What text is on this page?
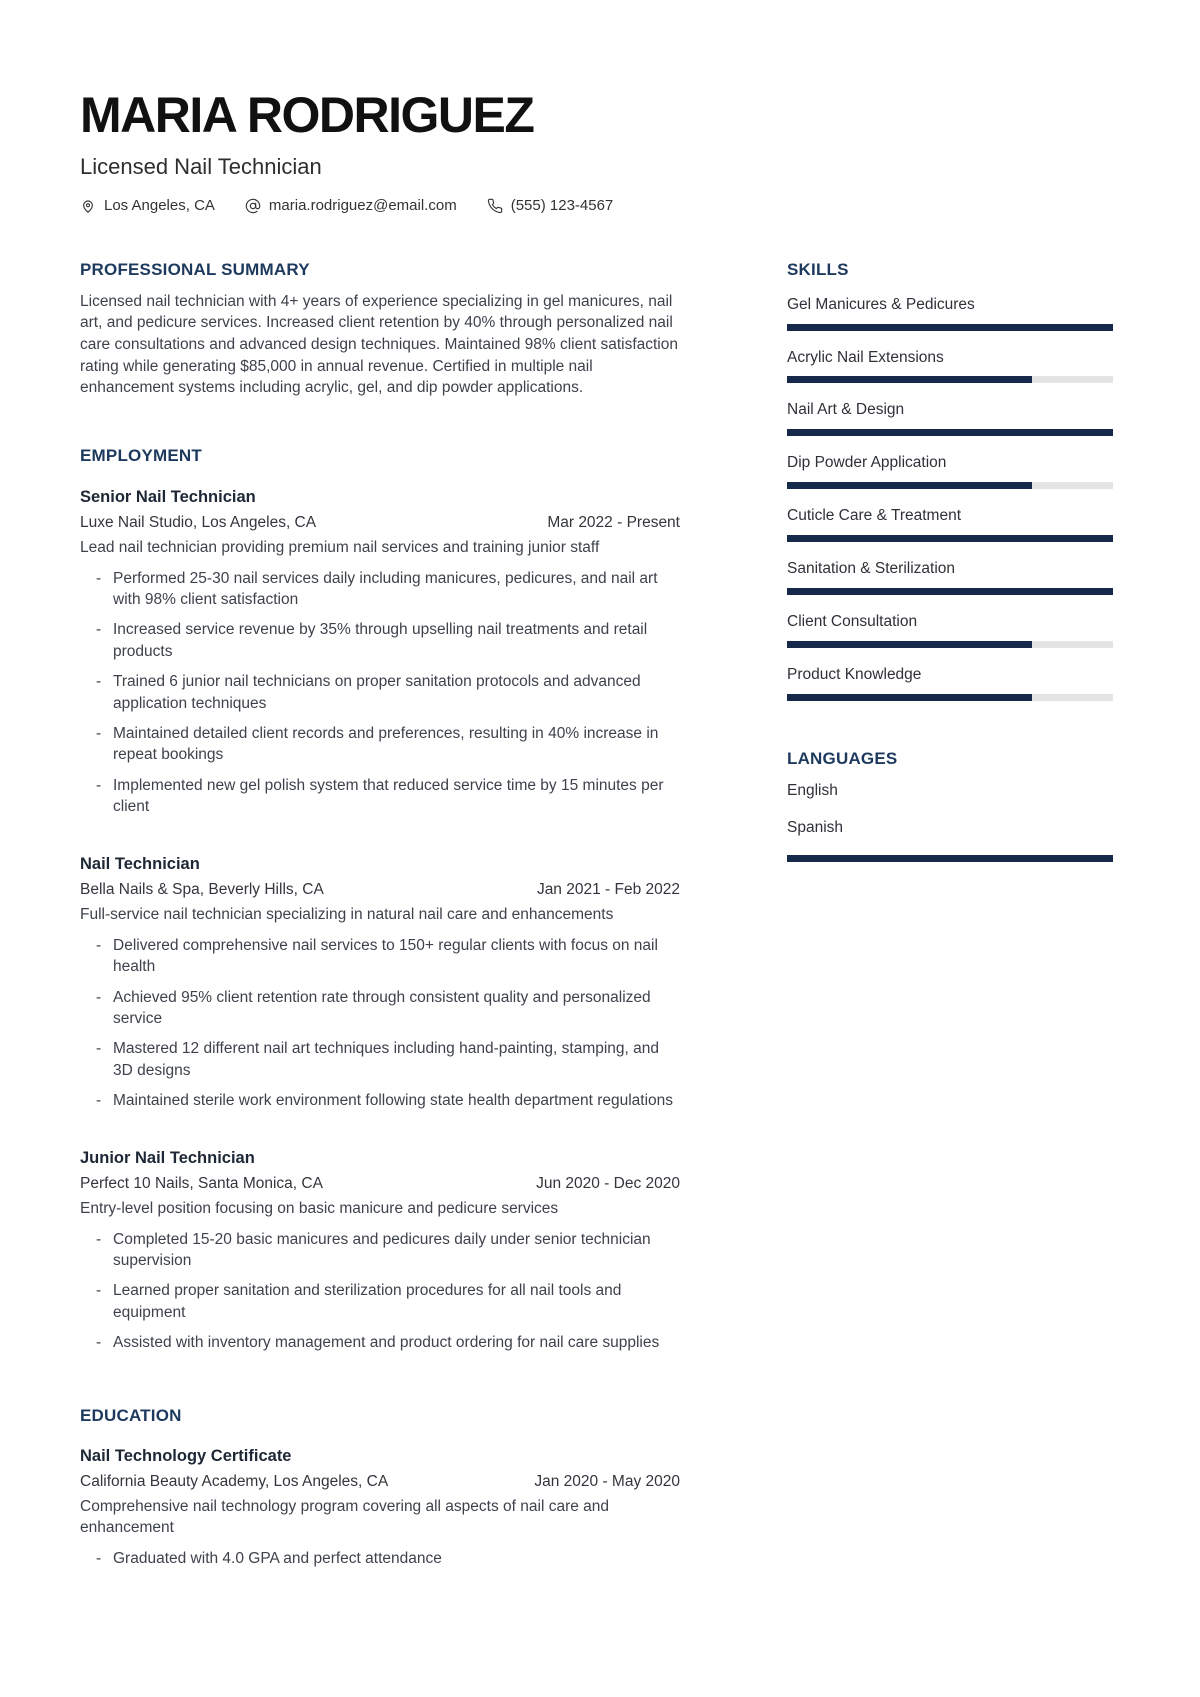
MARIA RODRIGUEZ
Licensed Nail Technician
Los Angeles, CA	maria.rodriguez@email.com	(555) 123-4567
PROFESSIONAL SUMMARY

Licensed nail technician with 4+ years of experience specializing in gel manicures, nail art, and pedicure services. Increased client retention by 40% through personalized nail care consultations and advanced design techniques. Maintained 98% client satisfaction rating while generating $85,000 in annual revenue. Certified in multiple nail enhancement systems including acrylic, gel, and dip powder applications.

EMPLOYMENT
Senior Nail Technician
Luxe Nail Studio, Los Angeles, CA	Mar 2022 - Present

Lead nail technician providing premium nail services and training junior staff

- Performed 25-30 nail services daily including manicures, pedicures, and nail art with 98% client satisfaction
- Increased service revenue by 35% through upselling nail treatments and retail products
- Trained 6 junior nail technicians on proper sanitation protocols and advanced application techniques
- Maintained detailed client records and preferences, resulting in 40% increase in repeat bookings
- Implemented new gel polish system that reduced service time by 15 minutes per client
Nail Technician
Bella Nails & Spa, Beverly Hills, CA	Jan 2021 - Feb 2022

Full-service nail technician specializing in natural nail care and enhancements

- Delivered comprehensive nail services to 150+ regular clients with focus on nail health
- Achieved 95% client retention rate through consistent quality and personalized service
- Mastered 12 different nail art techniques including hand-painting, stamping, and 3D designs
- Maintained sterile work environment following state health department regulations
Junior Nail Technician
Perfect 10 Nails, Santa Monica, CA	Jun 2020 - Dec 2020

Entry-level position focusing on basic manicure and pedicure services

- Completed 15-20 basic manicures and pedicures daily under senior technician supervision
- Learned proper sanitation and sterilization procedures for all nail tools and equipment
- Assisted with inventory management and product ordering for nail care supplies
EDUCATION
Nail Technology Certificate
California Beauty Academy, Los Angeles, CA	Jan 2020 - May 2020

Comprehensive nail technology program covering all aspects of nail care and enhancement

- Graduated with 4.0 GPA and perfect attendance
SKILLS
Gel Manicures & Pedicures
Acrylic Nail Extensions
Nail Art & Design
Dip Powder Application
Cuticle Care & Treatment
Sanitation & Sterilization
Client Consultation
Product Knowledge
LANGUAGES
English
Spanish
